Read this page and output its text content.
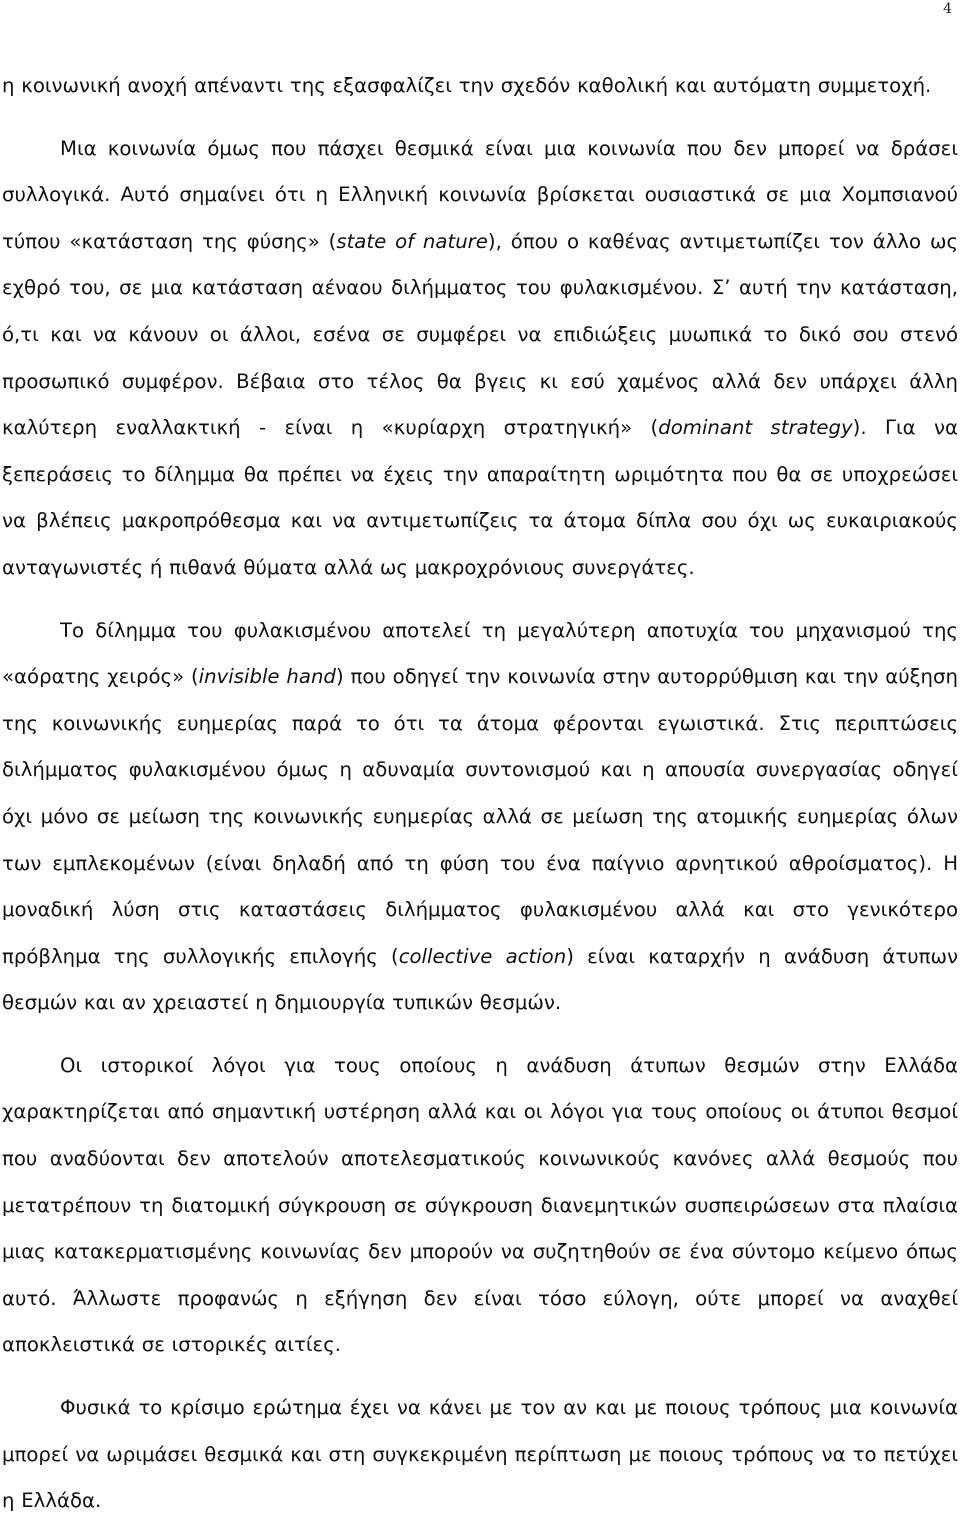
4

η κοινωνική ανοχή απέναντι της εξασφαλίζει την σχεδόν καθολική και αυτόματη συμμετοχή.

Μια κοινωνία όμως που πάσχει θεσμικά είναι μια κοινωνία που δεν μπορεί να δράσει συλλογικά. Αυτό σημαίνει ότι η Ελληνική κοινωνία βρίσκεται ουσιαστικά σε μια Χομπσιανού τύπου «κατάσταση της φύσης» (state of nature), όπου ο καθένας αντιμετωπίζει τον άλλο ως εχθρό του, σε μια κατάσταση αέναου διλήμματος του φυλακισμένου. Σ’ αυτή την κατάσταση, ό,τι και να κάνουν οι άλλοι, εσένα σε συμφέρει να επιδιώξεις μυωπικά το δικό σου στενό προσωπικό συμφέρον. Βέβαια στο τέλος θα βγεις κι εσύ χαμένος αλλά δεν υπάρχει άλλη καλύτερη εναλλακτική - είναι η «κυρίαρχη στρατηγική» (dominant strategy). Για να ξεπεράσεις το δίλημμα θα πρέπει να έχεις την απαραίτητη ωριμότητα που θα σε υποχρεώσει να βλέπεις μακροπρόθεσμα και να αντιμετωπίζεις τα άτομα δίπλα σου όχι ως ευκαιριακούς ανταγωνιστές ή πιθανά θύματα αλλά ως μακροχρόνιους συνεργάτες.

Το δίλημμα του φυλακισμένου αποτελεί τη μεγαλύτερη αποτυχία του μηχανισμού της «αόρατης χειρός» (invisible hand) που οδηγεί την κοινωνία στην αυτορρύθμιση και την αύξηση της κοινωνικής ευημερίας παρά το ότι τα άτομα φέρονται εγωιστικά. Στις περιπτώσεις διλήμματος φυλακισμένου όμως η αδυναμία συντονισμού και η απουσία συνεργασίας οδηγεί όχι μόνο σε μείωση της κοινωνικής ευημερίας αλλά σε μείωση της ατομικής ευημερίας όλων των εμπλεκομένων (είναι δηλαδή από τη φύση του ένα παίγνιο αρνητικού αθροίσματος). Η μοναδική λύση στις καταστάσεις διλήμματος φυλακισμένου αλλά και στο γενικότερο πρόβλημα της συλλογικής επιλογής (collective action) είναι καταρχήν η ανάδυση άτυπων θεσμών και αν χρειαστεί η δημιουργία τυπικών θεσμών.

Οι ιστορικοί λόγοι για τους οποίους η ανάδυση άτυπων θεσμών στην Ελλάδα χαρακτηρίζεται από σημαντική υστέρηση αλλά και οι λόγοι για τους οποίους οι άτυποι θεσμοί που αναδύονται δεν αποτελούν αποτελεσματικούς κοινωνικούς κανόνες αλλά θεσμούς που μετατρέπουν τη διατομική σύγκρουση σε σύγκρουση διανεμητικών συσπειρώσεων στα πλαίσια μιας κατακερματισμένης κοινωνίας δεν μπορούν να συζητηθούν σε ένα σύντομο κείμενο όπως αυτό. Άλλωστε προφανώς η εξήγηση δεν είναι τόσο εύλογη, ούτε μπορεί να αναχθεί αποκλειστικά σε ιστορικές αιτίες.

Φυσικά το κρίσιμο ερώτημα έχει να κάνει με τον αν και με ποιους τρόπους μια κοινωνία μπορεί να ωριμάσει θεσμικά και στη συγκεκριμένη περίπτωση με ποιους τρόπους να το πετύχει η Ελλάδα.
